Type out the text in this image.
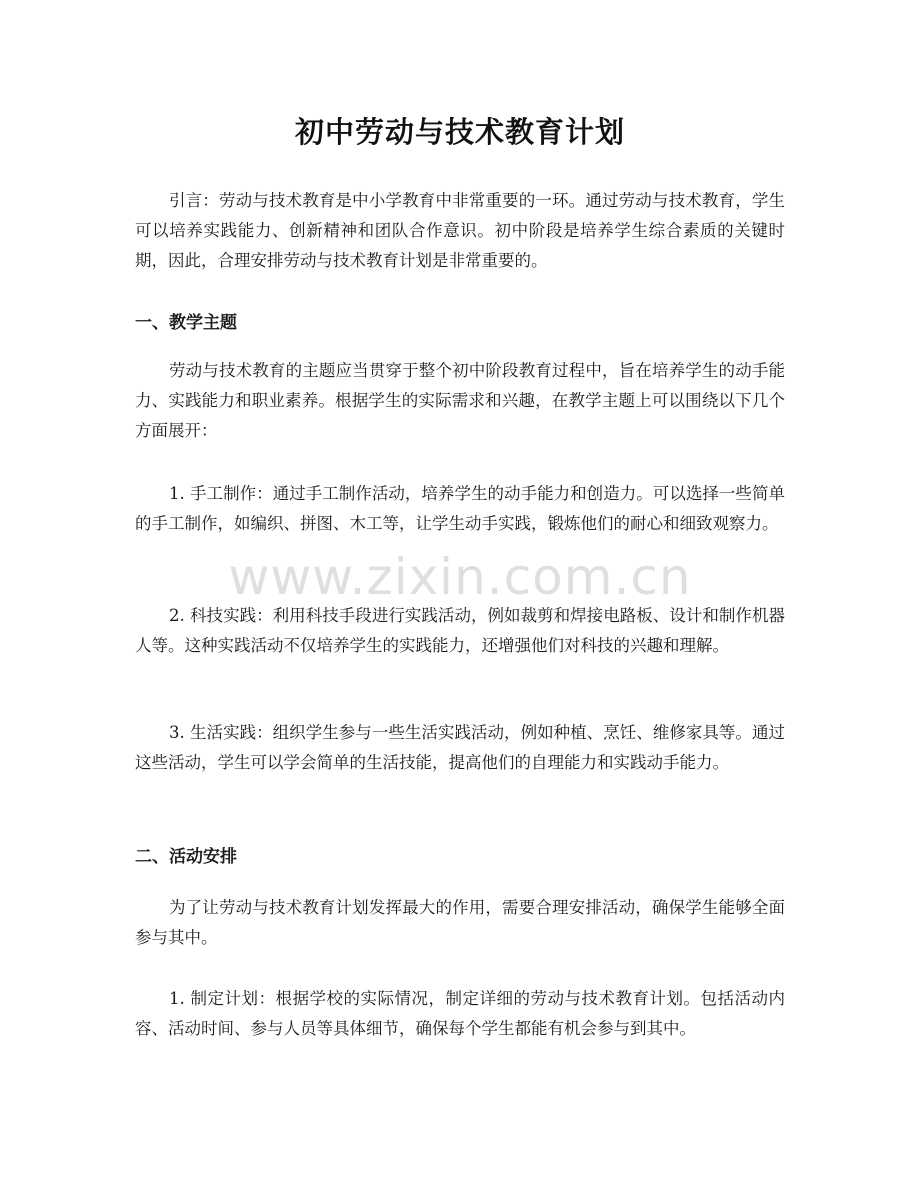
初中劳动与技术教育计划

引言：劳动与技术教育是中小学教育中非常重要的一环。通过劳动与技术教育，学生可以培养实践能力、创新精神和团队合作意识。初中阶段是培养学生综合素质的关键时期，因此，合理安排劳动与技术教育计划是非常重要的。

一、教学主题

劳动与技术教育的主题应当贯穿于整个初中阶段教育过程中，旨在培养学生的动手能力、实践能力和职业素养。根据学生的实际需求和兴趣，在教学主题上可以围绕以下几个方面展开：

1. 手工制作：通过手工制作活动，培养学生的动手能力和创造力。可以选择一些简单的手工制作，如编织、拼图、木工等，让学生动手实践，锻炼他们的耐心和细致观察力。

2. 科技实践：利用科技手段进行实践活动，例如裁剪和焊接电路板、设计和制作机器人等。这种实践活动不仅培养学生的实践能力，还增强他们对科技的兴趣和理解。

3. 生活实践：组织学生参与一些生活实践活动，例如种植、烹饪、维修家具等。通过这些活动，学生可以学会简单的生活技能，提高他们的自理能力和实践动手能力。

二、活动安排

为了让劳动与技术教育计划发挥最大的作用，需要合理安排活动，确保学生能够全面参与其中。

1. 制定计划：根据学校的实际情况，制定详细的劳动与技术教育计划。包括活动内容、活动时间、参与人员等具体细节，确保每个学生都能有机会参与到其中。

www.zixin.com.cn
